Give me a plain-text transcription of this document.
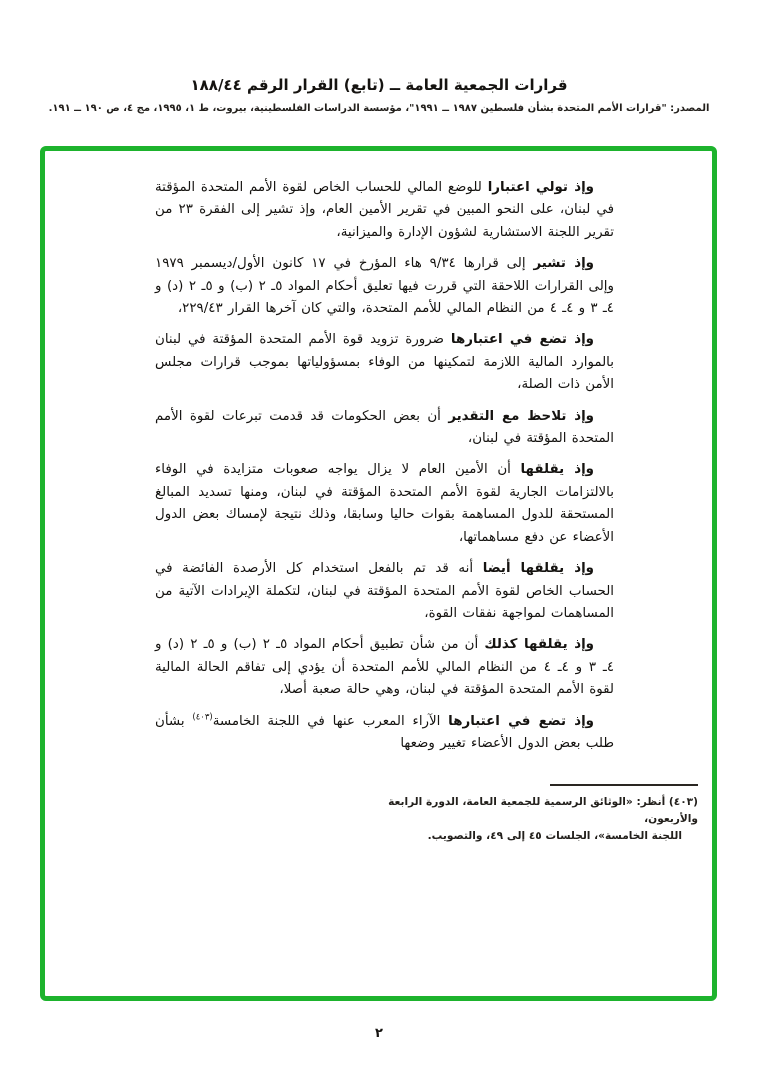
قرارات الجمعية العامة ــ (تابع) القرار الرقم ١٨٨/٤٤
المصدر: "قرارات الأمم المتحدة بشأن فلسطين ١٩٨٧ ــ ١٩٩١"، مؤسسة الدراسات الفلسطينية، بيروت، ط ١، ١٩٩٥، مج ٤، ص ١٩٠ ــ ١٩١.

وإذ تولي اعتبارا للوضع المالي للحساب الخاص لقوة الأمم المتحدة المؤقتة في لبنان، على النحو المبين في تقرير الأمين العام، وإذ تشير إلى الفقرة ٢٣ من تقرير اللجنة الاستشارية لشؤون الإدارة والميزانية،

وإذ تشير إلى قرارها ٩/٣٤ هاء المؤرخ في ١٧ كانون الأول/ديسمبر ١٩٧٩ وإلى القرارات اللاحقة التي قررت فيها تعليق أحكام المواد ٥ـ ٢ (ب) و ٥ـ ٢ (د) و ٤ـ ٣ و ٤ـ ٤ من النظام المالي للأمم المتحدة، والتي كان آخرها القرار ٢٢٩/٤٣،

وإذ تضع في اعتبارها ضرورة تزويد قوة الأمم المتحدة المؤقتة في لبنان بالموارد المالية اللازمة لتمكينها من الوفاء بمسؤولياتها بموجب قرارات مجلس الأمن ذات الصلة،

وإذ تلاحظ مع التقدير أن بعض الحكومات قد قدمت تبرعات لقوة الأمم المتحدة المؤقتة في لبنان،

وإذ يقلقها أن الأمين العام لا يزال يواجه صعوبات متزايدة في الوفاء بالالتزامات الجارية لقوة الأمم المتحدة المؤقتة في لبنان، ومنها تسديد المبالغ المستحقة للدول المساهمة بقوات حاليا وسابقا، وذلك نتيجة لإمساك بعض الدول الأعضاء عن دفع مساهماتها،

وإذ يقلقها أيضا أنه قد تم بالفعل استخدام كل الأرصدة الفائضة في الحساب الخاص لقوة الأمم المتحدة المؤقتة في لبنان، لتكملة الإيرادات الآتية من المساهمات لمواجهة نفقات القوة،

وإذ يقلقها كذلك أن من شأن تطبيق أحكام المواد ٥ـ ٢ (ب) و ٥ـ ٢ (د) و ٤ـ ٣ و ٤ـ ٤ من النظام المالي للأمم المتحدة أن يؤدي إلى تفاقم الحالة المالية لقوة الأمم المتحدة المؤقتة في لبنان، وهي حالة صعبة أصلا،

وإذ تضع في اعتبارها الآراء المعرب عنها في اللجنة الخامسة$^{(٤٠٣)}$ بشأن طلب بعض الدول الأعضاء تغيير وضعها

(٤٠٣) أنظر: «الوثائق الرسمية للجمعية العامة، الدورة الرابعة والأربعون،
اللجنة الخامسة»، الجلسات ٤٥ إلى ٤٩، والتصويب.
٢
